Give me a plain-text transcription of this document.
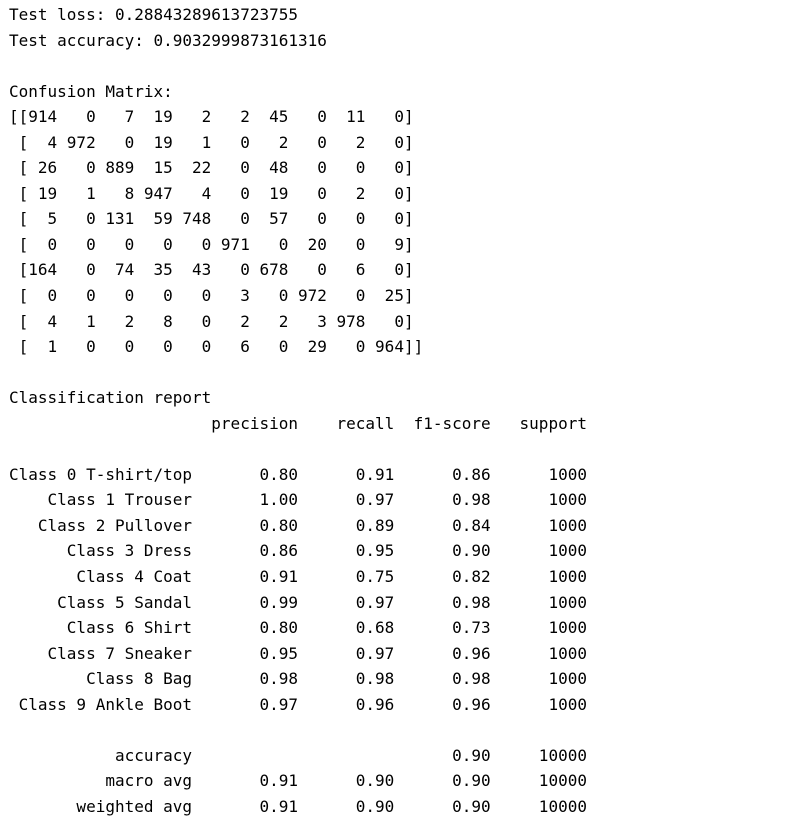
Test loss: 0.28843289613723755
Test accuracy: 0.9032999873161316
Confusion Matrix:
[[914   0   7  19   2   2  45   0  11   0]
[  4 972   0  19   1   0   2   0   2   0]
[ 26   0 889  15  22   0  48   0   0   0]
[ 19   1   8 947   4   0  19   0   2   0]
[  5   0 131  59 748   0  57   0   0   0]
[  0   0   0   0   0 971   0  20   0   9]
[164   0  74  35  43   0 678   0   6   0]
[  0   0   0   0   0   3   0 972   0  25]
[  4   1   2   8   0   2   2   3 978   0]
[  1   0   0   0   0   6   0  29   0 964]]
Classification report
precision    recall  f1-score   support
Class 0 T-shirt/top       0.80      0.91      0.86      1000
Class 1 Trouser       1.00      0.97      0.98      1000
Class 2 Pullover       0.80      0.89      0.84      1000
Class 3 Dress       0.86      0.95      0.90      1000
Class 4 Coat       0.91      0.75      0.82      1000
Class 5 Sandal       0.99      0.97      0.98      1000
Class 6 Shirt       0.80      0.68      0.73      1000
Class 7 Sneaker       0.95      0.97      0.96      1000
Class 8 Bag       0.98      0.98      0.98      1000
Class 9 Ankle Boot       0.97      0.96      0.96      1000
accuracy                           0.90     10000
macro avg       0.91      0.90      0.90     10000
weighted avg       0.91      0.90      0.90     10000
